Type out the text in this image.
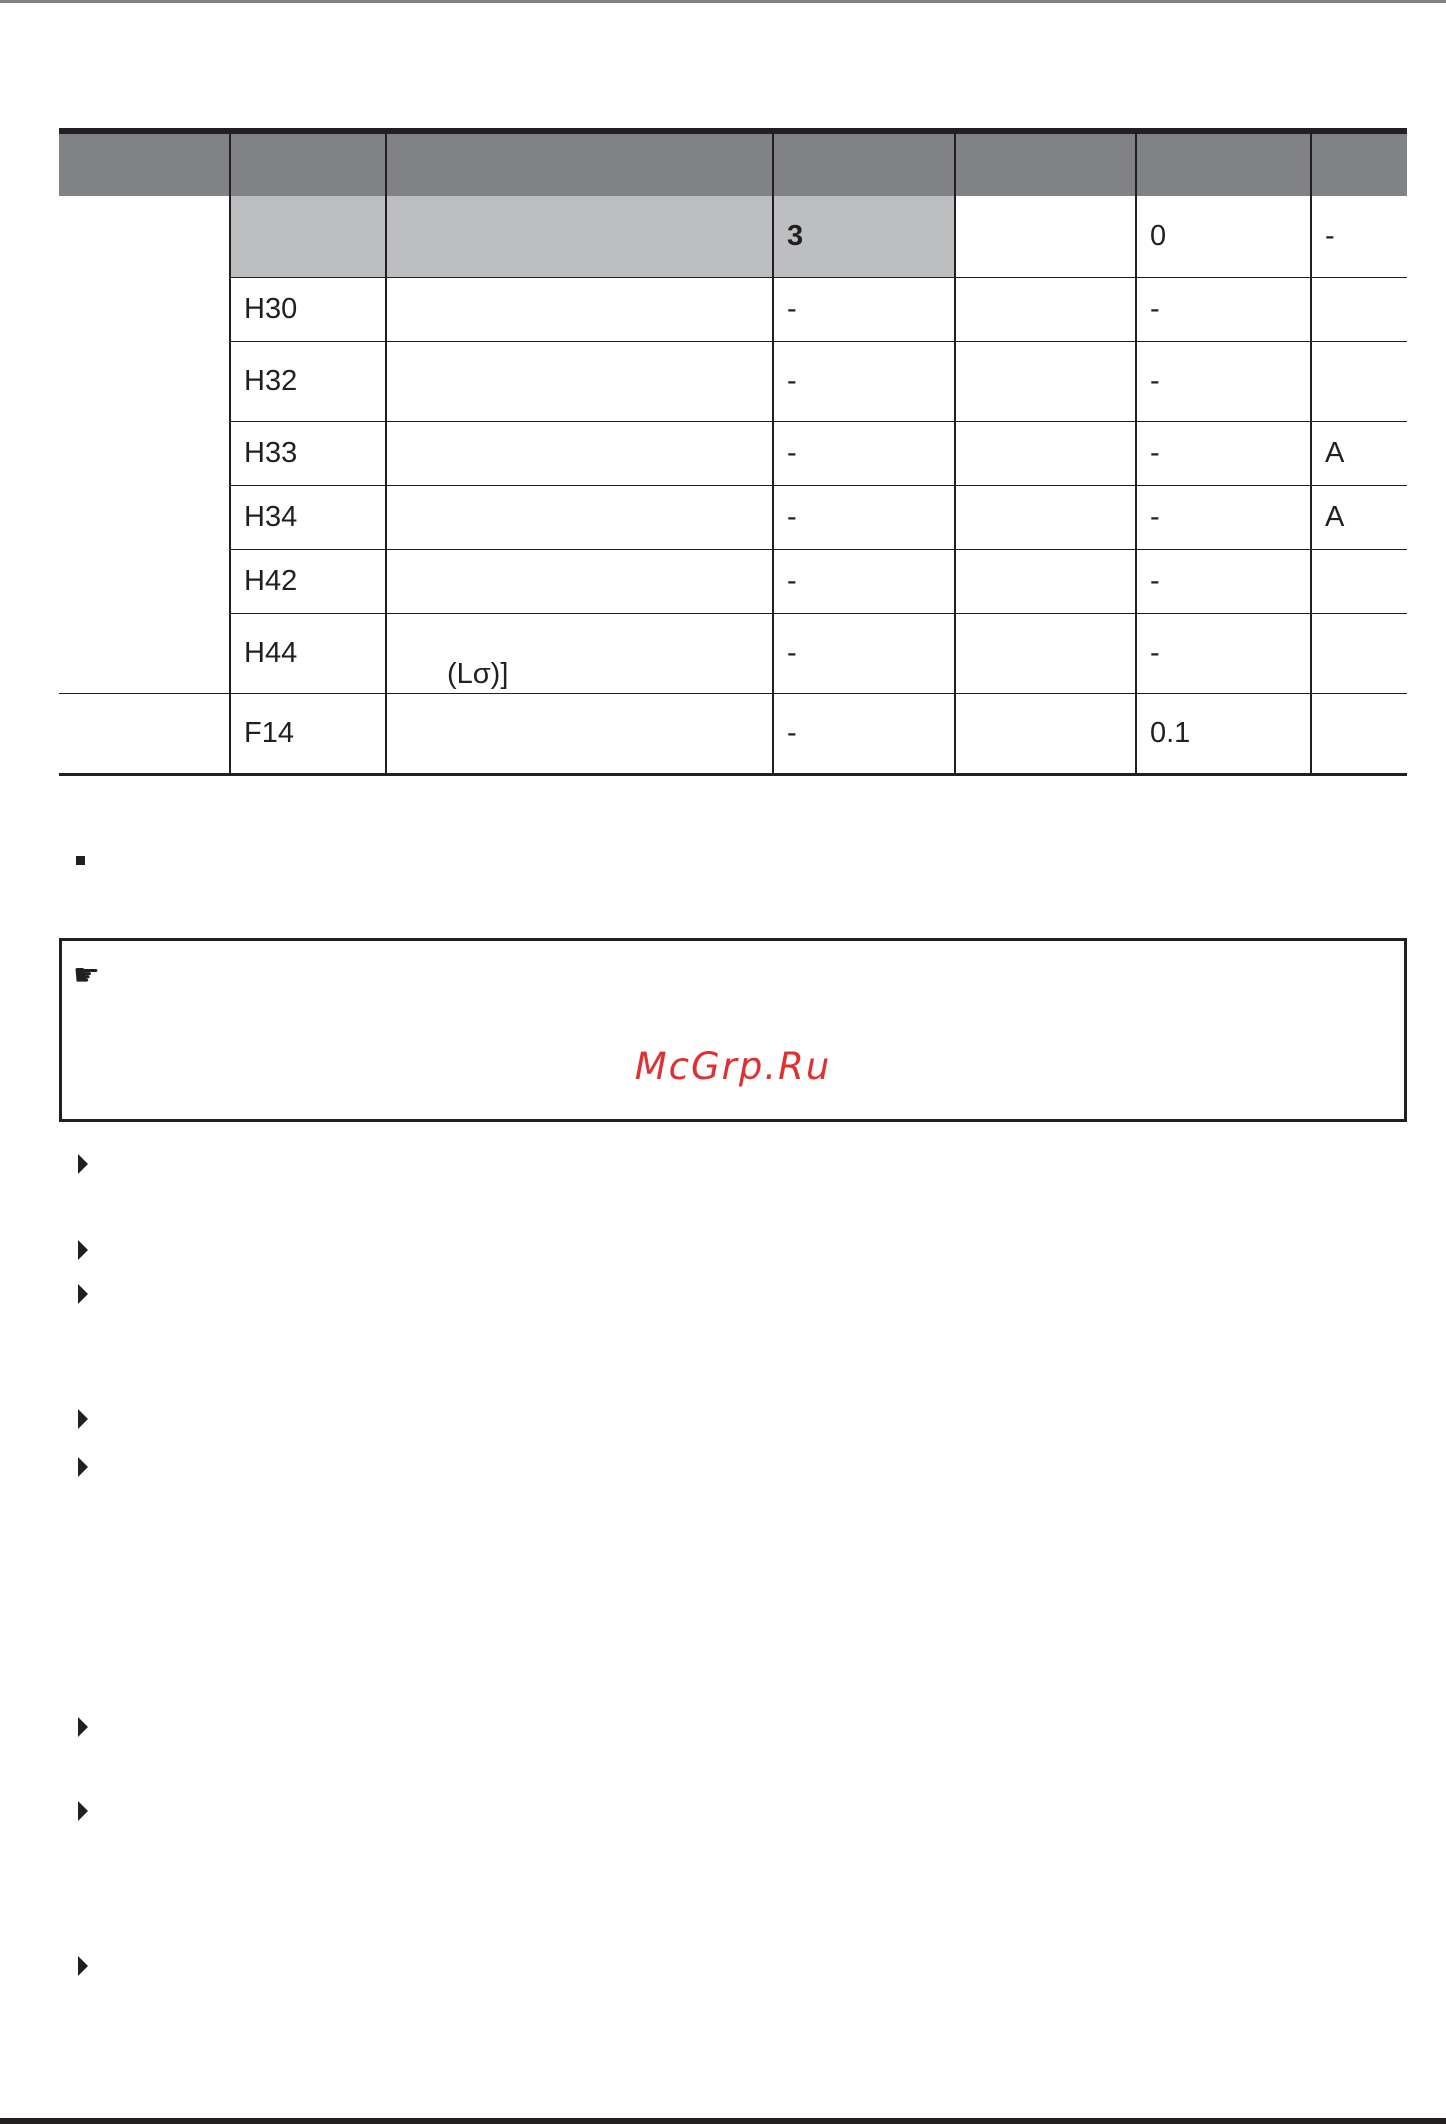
			3		0	-
	H30		-		-	
	H32		-		-	
	H33		-		-	A
	H34		-		-	A
	H42		-		-	
	H44	(Lσ)]	-		-	
	F14		-		0.1	
☛
McGrp.Ru
